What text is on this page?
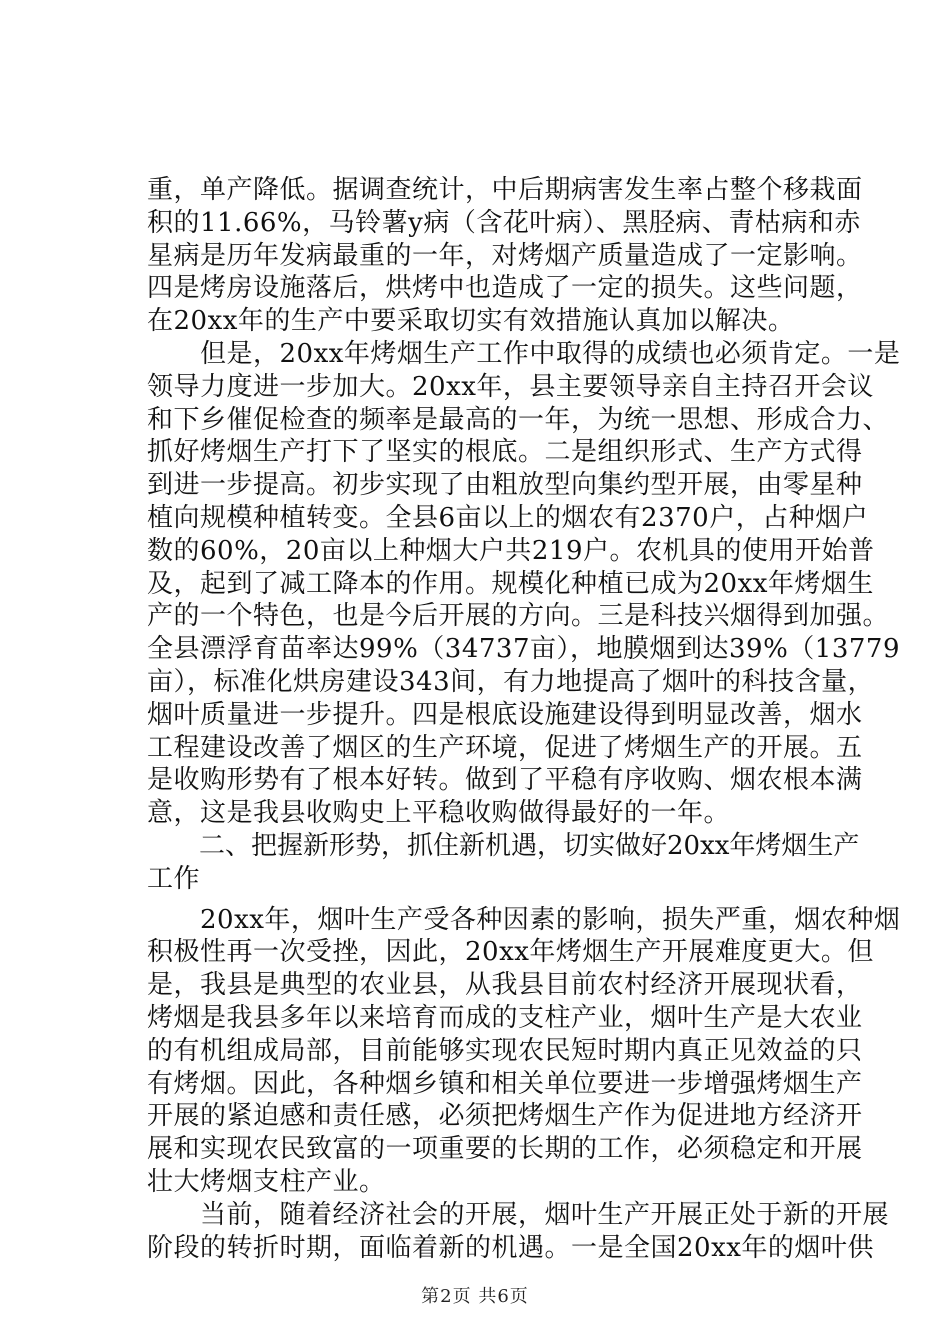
重，单产降低。据调查统计，中后期病害发生率占整个移栽面
积的11.66%，马铃薯y病（含花叶病）、黑胫病、青枯病和赤
星病是历年发病最重的一年，对烤烟产质量造成了一定影响。
四是烤房设施落后，烘烤中也造成了一定的损失。这些问题，
在20xx年的生产中要采取切实有效措施认真加以解决。
　　但是，20xx年烤烟生产工作中取得的成绩也必须肯定。一是
领导力度进一步加大。20xx年，县主要领导亲自主持召开会议
和下乡催促检查的频率是最高的一年，为统一思想、形成合力、
抓好烤烟生产打下了坚实的根底。二是组织形式、生产方式得
到进一步提高。初步实现了由粗放型向集约型开展，由零星种
植向规模种植转变。全县6亩以上的烟农有2370户，占种烟户
数的60%，20亩以上种烟大户共219户。农机具的使用开始普
及，起到了减工降本的作用。规模化种植已成为20xx年烤烟生
产的一个特色，也是今后开展的方向。三是科技兴烟得到加强。
全县漂浮育苗率达99%（34737亩），地膜烟到达39%（13779
亩），标准化烘房建设343间，有力地提高了烟叶的科技含量，
烟叶质量进一步提升。四是根底设施建设得到明显改善，烟水
工程建设改善了烟区的生产环境，促进了烤烟生产的开展。五
是收购形势有了根本好转。做到了平稳有序收购、烟农根本满
意，这是我县收购史上平稳收购做得最好的一年。
　　二、把握新形势，抓住新机遇，切实做好20xx年烤烟生产
工作
　　20xx年，烟叶生产受各种因素的影响，损失严重，烟农种烟
积极性再一次受挫，因此，20xx年烤烟生产开展难度更大。但
是，我县是典型的农业县，从我县目前农村经济开展现状看，
烤烟是我县多年以来培育而成的支柱产业，烟叶生产是大农业
的有机组成局部，目前能够实现农民短时期内真正见效益的只
有烤烟。因此，各种烟乡镇和相关单位要进一步增强烤烟生产
开展的紧迫感和责任感，必须把烤烟生产作为促进地方经济开
展和实现农民致富的一项重要的长期的工作，必须稳定和开展
壮大烤烟支柱产业。
　　当前，随着经济社会的开展，烟叶生产开展正处于新的开展
阶段的转折时期，面临着新的机遇。一是全国20xx年的烟叶供
第2页 共6页
